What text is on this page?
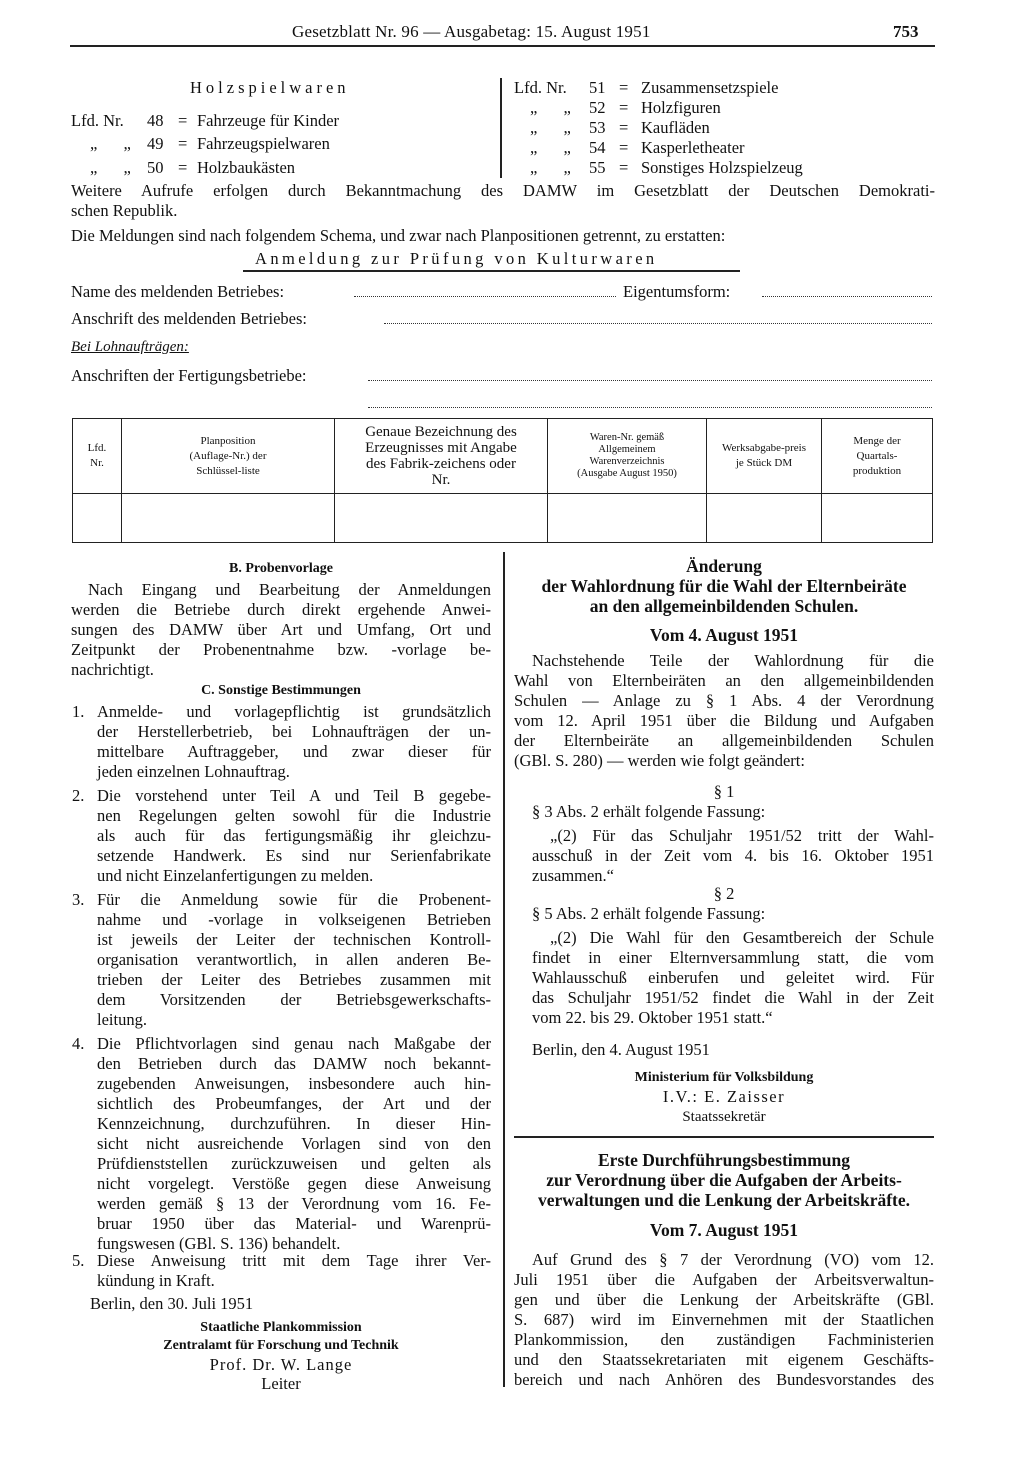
Gesetzblatt Nr. 96 — Ausgabetag: 15. August 1951	753
Holzspielwaren
Lfd. Nr. 48 = Fahrzeuge für Kinder
„ „ 49 = Fahrzeugspielwaren
„ „ 50 = Holzbaukästen
Lfd. Nr. 51 = Zusammensetzspiele
„ „ 52 = Holzfiguren
„ „ 53 = Kaufläden
„ „ 54 = Kasperletheater
„ „ 55 = Sonstiges Holzspielzeug
Weitere Aufrufe erfolgen durch Bekanntmachung des DAMW im Gesetzblatt der Deutschen Demokrati-
schen Republik.
Die Meldungen sind nach folgendem Schema, und zwar nach Planpositionen getrennt, zu erstatten:
Anmeldung zur Prüfung von Kulturwaren
Name des meldenden Betriebes:	Eigentumsform:
Anschrift des meldenden Betriebes:
Bei Lohnaufträgen:
Anschriften der Fertigungsbetriebe:
Lfd. Nr.	Planposition (Auflage-Nr.) der Schlüssel-liste	Genaue Bezeichnung des Erzeugnisses mit Angabe des Fabrik-zeichens oder Nr.	Waren-Nr. gemäß Allgemeinem Warenverzeichnis (Ausgabe August 1950)	Werksabgabe-preis je Stück DM	Menge der Quartals-produktion

B. Probenvorlage
Nach Eingang und Bearbeitung der Anmeldungen
werden die Betriebe durch direkt ergehende Anwei-
sungen des DAMW über Art und Umfang, Ort und
Zeitpunkt der Probenentnahme bzw. -vorlage be-
nachrichtigt.
C. Sonstige Bestimmungen
1. Anmelde- und vorlagepflichtig ist grundsätzlich
der Herstellerbetrieb, bei Lohnaufträgen der un-
mittelbare Auftraggeber, und zwar dieser für
jeden einzelnen Lohnauftrag.
2. Die vorstehend unter Teil A und Teil B gegebe-
nen Regelungen gelten sowohl für die Industrie
als auch für das fertigungsmäßig ihr gleichzu-
setzende Handwerk. Es sind nur Serienfabrikate
und nicht Einzelanfertigungen zu melden.
3. Für die Anmeldung sowie für die Probenent-
nahme und -vorlage in volkseigenen Betrieben
ist jeweils der Leiter der technischen Kontroll-
organisation verantwortlich, in allen anderen Be-
trieben der Leiter des Betriebes zusammen mit
dem Vorsitzenden der Betriebsgewerkschafts-
leitung.
4. Die Pflichtvorlagen sind genau nach Maßgabe der
den Betrieben durch das DAMW noch bekannt-
zugebenden Anweisungen, insbesondere auch hin-
sichtlich des Probeumfanges, der Art und der
Kennzeichnung, durchzuführen. In dieser Hin-
sicht nicht ausreichende Vorlagen sind von den
Prüfdienststellen zurückzuweisen und gelten als
nicht vorgelegt. Verstöße gegen diese Anweisung
werden gemäß § 13 der Verordnung vom 16. Fe-
bruar 1950 über das Material- und Warenprü-
fungswesen (GBl. S. 136) behandelt.
5. Diese Anweisung tritt mit dem Tage ihrer Ver-
kündung in Kraft.
Berlin, den 30. Juli 1951
Staatliche Plankommission
Zentralamt für Forschung und Technik
Prof. Dr. W. Lange
Leiter
Änderung
der Wahlordnung für die Wahl der Elternbeiräte
an den allgemeinbildenden Schulen.
Vom 4. August 1951
Nachstehende Teile der Wahlordnung für die
Wahl von Elternbeiräten an den allgemeinbildenden
Schulen — Anlage zu § 1 Abs. 4 der Verordnung
vom 12. April 1951 über die Bildung und Aufgaben
der Elternbeiräte an allgemeinbildenden Schulen
(GBl. S. 280) — werden wie folgt geändert:
§ 1
§ 3 Abs. 2 erhält folgende Fassung:
„(2) Für das Schuljahr 1951/52 tritt der Wahl-
ausschuß in der Zeit vom 4. bis 16. Oktober 1951
zusammen.“
§ 2
§ 5 Abs. 2 erhält folgende Fassung:
„(2) Die Wahl für den Gesamtbereich der Schule
findet in einer Elternversammlung statt, die vom
Wahlausschuß einberufen und geleitet wird. Für
das Schuljahr 1951/52 findet die Wahl in der Zeit
vom 22. bis 29. Oktober 1951 statt.“
Berlin, den 4. August 1951
Ministerium für Volksbildung
I.V.: E. Zaisser
Staatssekretär
Erste Durchführungsbestimmung
zur Verordnung über die Aufgaben der Arbeits-
verwaltungen und die Lenkung der Arbeitskräfte.
Vom 7. August 1951
Auf Grund des § 7 der Verordnung (VO) vom 12.
Juli 1951 über die Aufgaben der Arbeitsverwaltun-
gen und über die Lenkung der Arbeitskräfte (GBl.
S. 687) wird im Einvernehmen mit der Staatlichen
Plankommission, den zuständigen Fachministerien
und den Staatssekretariaten mit eigenem Geschäfts-
bereich und nach Anhören des Bundesvorstandes des
